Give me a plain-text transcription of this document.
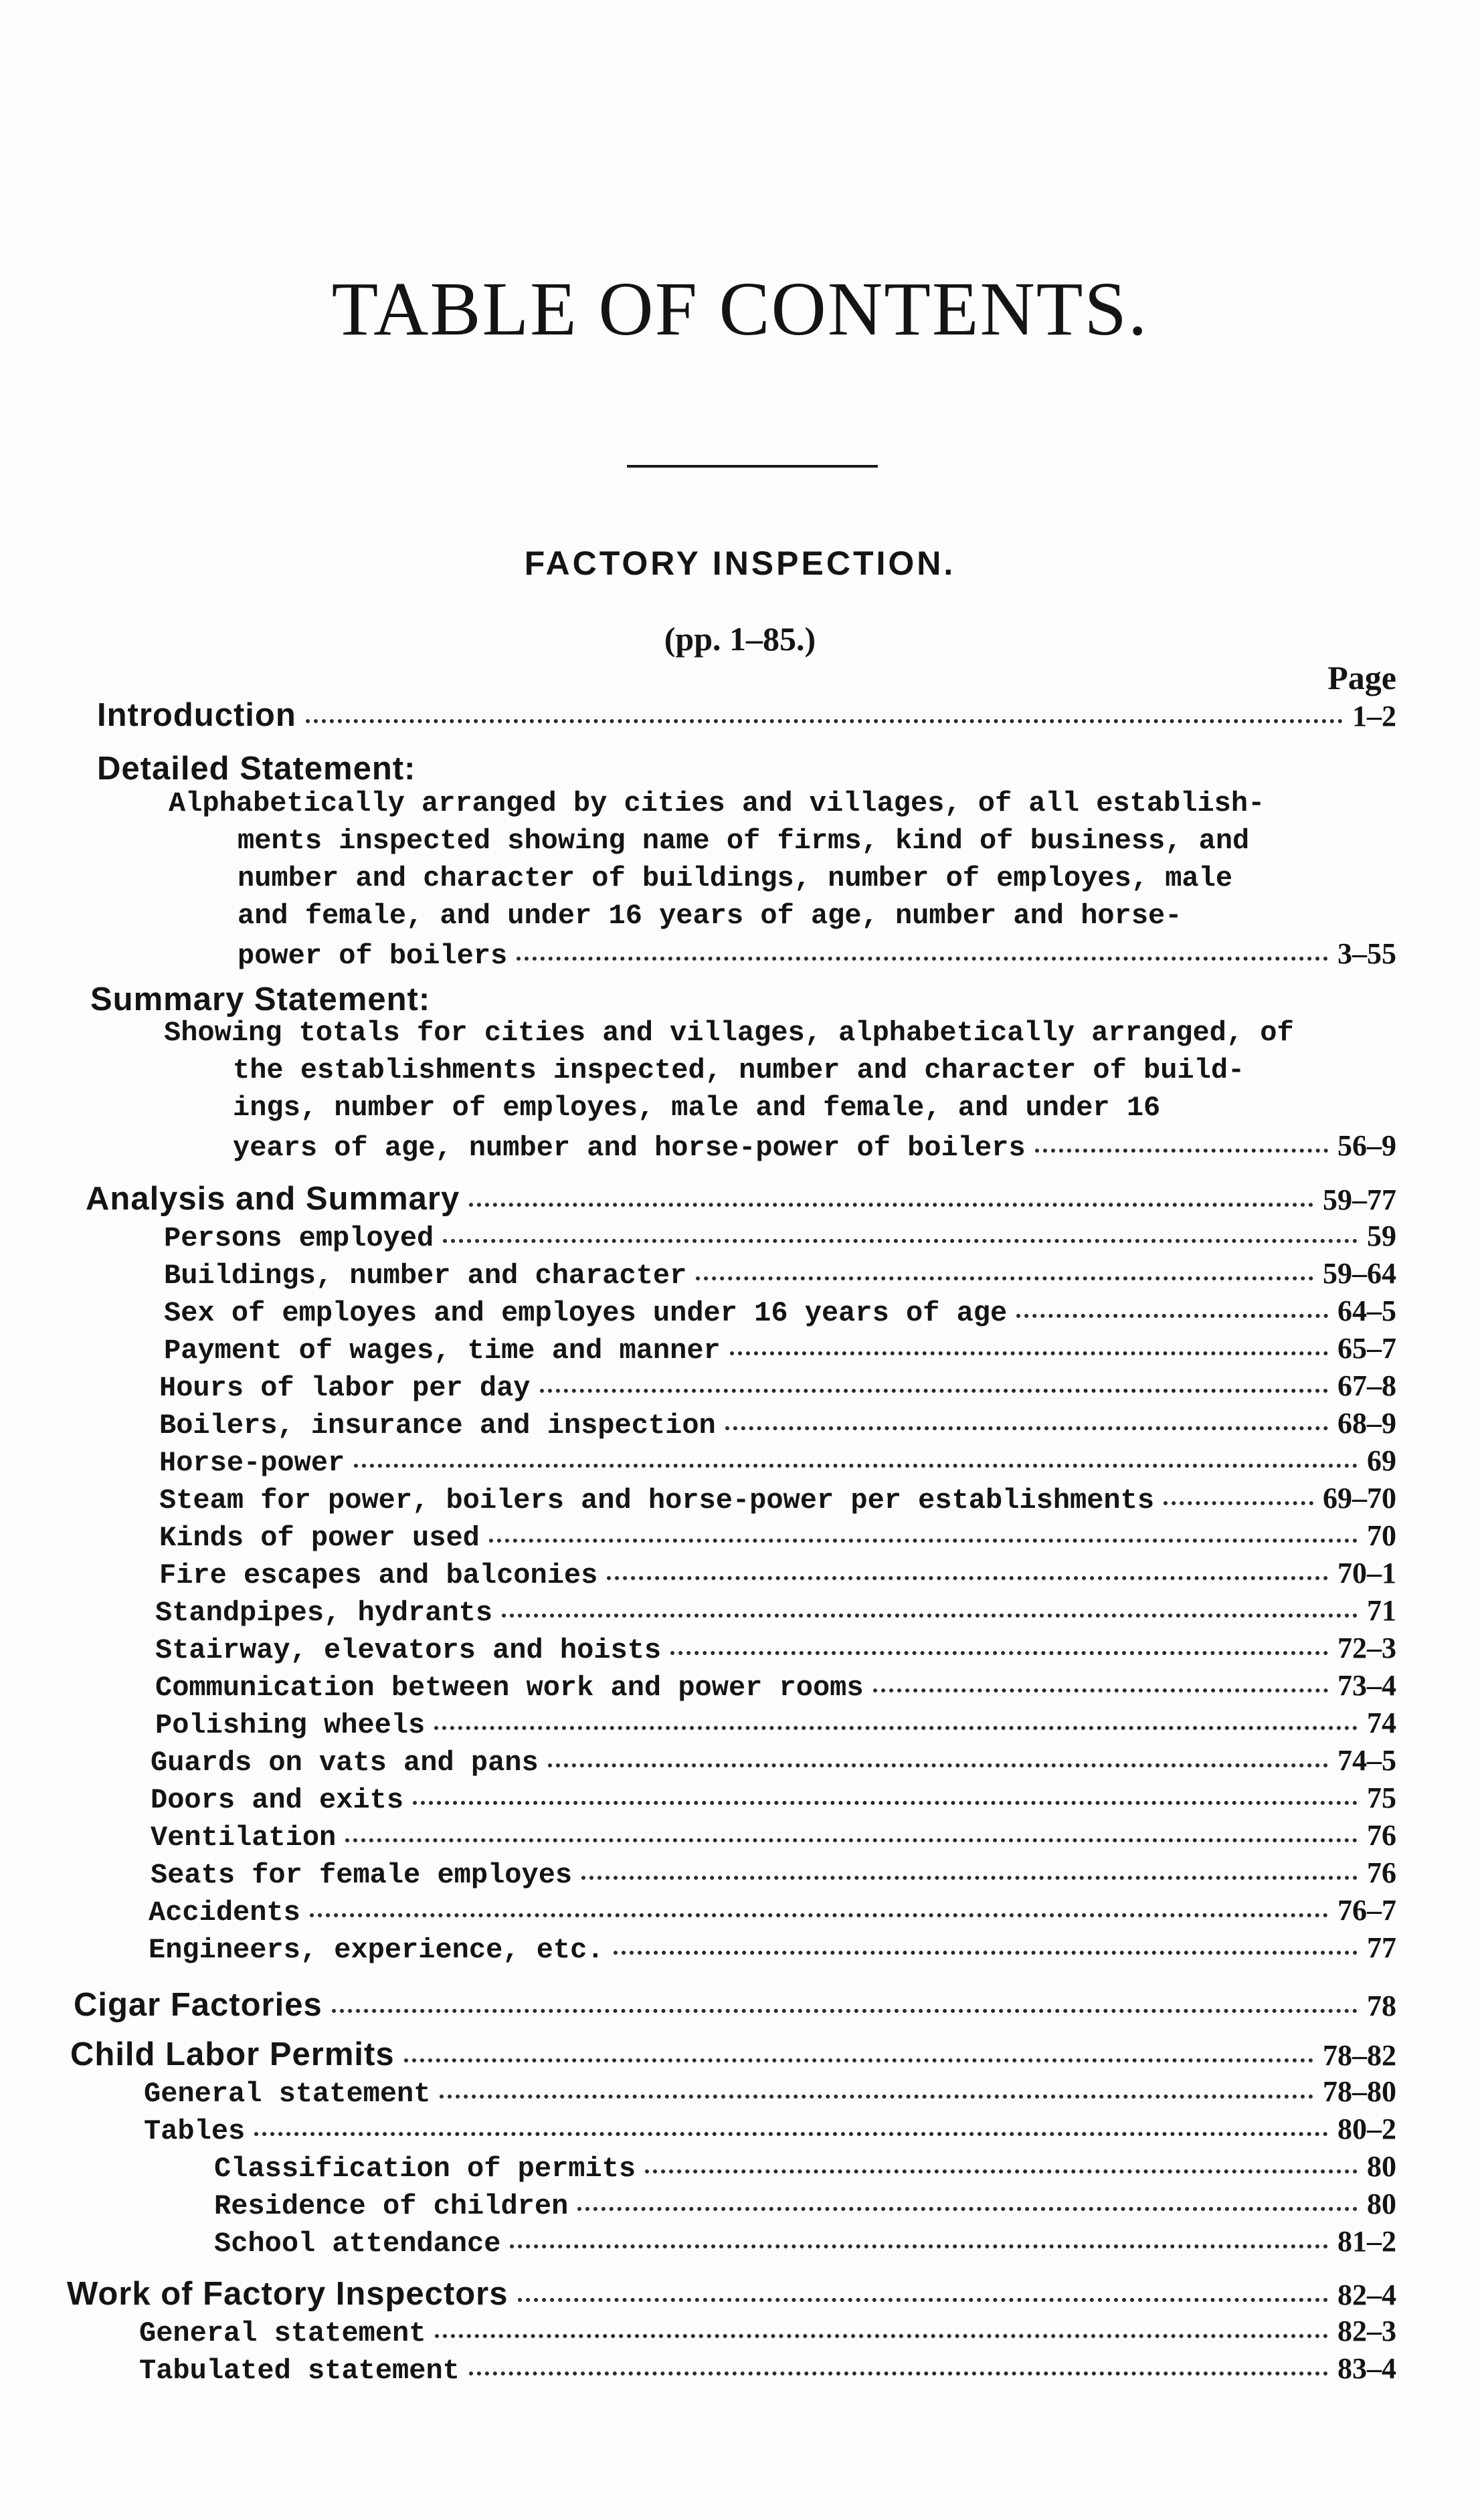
TABLE OF CONTENTS.
FACTORY INSPECTION.
(pp. 1–85.)
Page
Introduction	1–2
Detailed Statement:
Alphabetically arranged by cities and villages, of all establish-
ments inspected showing name of firms, kind of business, and
number and character of buildings, number of employes, male
and female, and under 16 years of age, number and horse-
power of boilers	3–55
Summary Statement:
Showing totals for cities and villages, alphabetically arranged, of
the establishments inspected, number and character of build-
ings, number of employes, male and female, and under 16
years of age, number and horse-power of boilers	56–9
Analysis and Summary	59–77
Persons employed	59
Buildings, number and character	59–64
Sex of employes and employes under 16 years of age	64–5
Payment of wages, time and manner	65–7
Hours of labor per day	67–8
Boilers, insurance and inspection	68–9
Horse-power	69
Steam for power, boilers and horse-power per establishments	69–70
Kinds of power used	70
Fire escapes and balconies	70–1
Standpipes, hydrants	71
Stairway, elevators and hoists	72–3
Communication between work and power rooms	73–4
Polishing wheels	74
Guards on vats and pans	74–5
Doors and exits	75
Ventilation	76
Seats for female employes	76
Accidents	76–7
Engineers, experience, etc.	77
Cigar Factories	78
Child Labor Permits	78–82
General statement	78–80
Tables	80–2
Classification of permits	80
Residence of children	80
School attendance	81–2
Work of Factory Inspectors	82–4
General statement	82–3
Tabulated statement	83–4
